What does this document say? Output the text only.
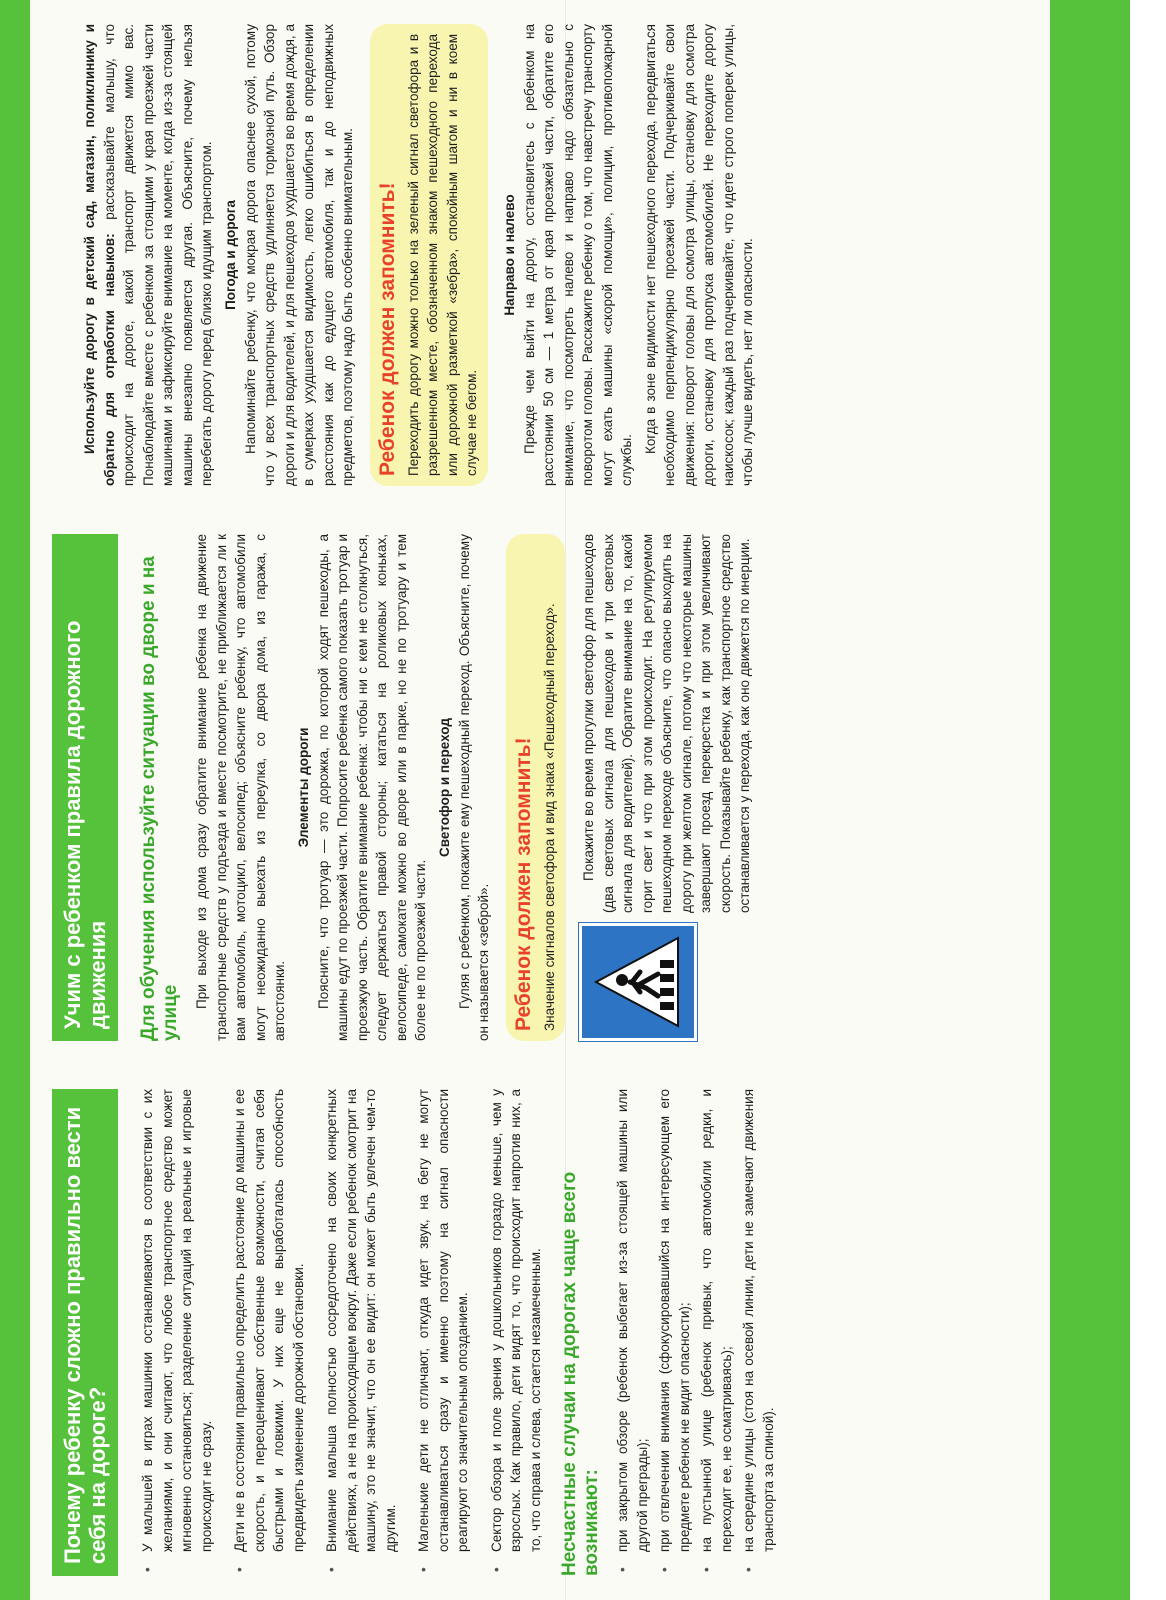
Почему ребенку сложно правильно вести себя на дороге?	• У малышей в играх машинки останавливаются в соответствии с их желаниями, и они считают, что любое транспортное средство может мгновенно остановиться; разделение ситуаций на реальные и игровые происходит не сразу. • Дети не в состоянии правильно определить расстояние до машины и ее скорость, и переоценивают собственные возможности, считая себя быстрыми и ловкими. У них еще не выработалась способность предвидеть изменение дорожной обстановки. • Внимание малыша полностью сосредоточено на своих конкретных действиях, а не на происходящем вокруг. Даже если ребенок смотрит на машину, это не значит, что он ее видит: он может быть увлечен чем-то другим. • Маленькие дети не отличают, откуда идет звук, на бегу не могут останавливаться сразу и именно поэтому на сигнал опасности реагируют со значительным опозданием. • Сектор обзора и поле зрения у дошкольников гораздо меньше, чем у взрослых. Как правило, дети видят то, что происходит напротив них, а то, что справа и слева, остается незамеченным. Несчастные случаи на дорогах чаще всего возникают: • при закрытом обзоре (ребенок выбегает из-за стоящей машины или другой преграды); • при отвлечении внимания (сфокусировавшийся на интересующем его предмете ребенок не видит опасности); • на пустынной улице (ребенок привык, что автомобили редки, и переходит ее, не осматриваясь); • на середине улицы (стоя на осевой линии, дети не замечают движения транспорта за спиной).
Учим с ребенком правила дорожного движения	Для обучения используйте ситуации во дворе и на улице

При выходе из дома сразу обратите внимание ребенка на движение транспортные средств у подъезда и вместе посмотрите, не приближается ли к вам автомобиль, мотоцикл, велосипед; объясните ребенку, что автомобили могут неожиданно выехать из переулка, со двора дома, из гаража, с автостоянки.

Элементы дороги Поясните, что тротуар — это дорожка, по которой ходят пешеходы, а машины едут по проезжей части. Попросите ребенка самого показать тротуар и проезжую часть. Обратите внимание ребенка: чтобы ни с кем не столкнуться, следует держаться правой стороны; кататься на роликовых коньках, велосипеде, самокате можно во дворе или в парке, но не по тротуару и тем более не по проезжей части.

Светофор и переход Гуляя с ребенком, покажите ему пешеходный переход. Объясните, почему он называется «зеброй». Ребенок должен запомнить! Значение сигналов светофора и вид знака «Пешеходный переход». Покажите во время прогулки светофор для пешеходов (два световых сигнала для пешеходов и три световых сигнала для водителей). Обратите внимание на то, какой горит свет и что при этом происходит. На регулируемом пешеходном переходе объясните, что опасно выходить на дорогу при желтом сигнале, потому что некоторые машины завершают проезд перекрестка и при этом увеличивают скорость. Показывайте ребенку, как транспортное средство останавливается у перехода, как оно движется по инерции.

Используйте дорогу в детский сад, магазин, поликлинику и обратно для отработки навыков: рассказывайте малышу, что происходит на дороге, какой транспорт движется мимо вас. Понаблюдайте вместе с ребенком за стоящими у края проезжей части машинами и зафиксируйте внимание на моменте, когда из-за стоящей машины внезапно появляется другая. Объясните, почему нельзя перебегать дорогу перед близко идущим транспортом. Погода и дорога Напоминайте ребенку, что мокрая дорога опаснее сухой, потому что у всех транспортных средств удлиняется тормозной путь. Обзор дороги и для водителей, и для пешеходов ухудшается во время дождя, а в сумерках ухудшается видимость, легко ошибиться в определении расстояния как до едущего автомобиля, так и до неподвижных предметов, поэтому надо быть особенно внимательным. Ребенок должен запомнить! Переходить дорогу можно только на зеленый сигнал светофора и в разрешенном месте, обозначенном знаком пешеходного перехода или дорожной разметкой «зебра», спокойным шагом и ни в коем случае не бегом.

Направо и налево Прежде чем выйти на дорогу, остановитесь с ребенком на расстоянии 50 см — 1 метра от края проезжей части, обратите его внимание, что посмотреть налево и направо надо обязательно с поворотом головы. Расскажите ребенку о том, что навстречу транспорту могут ехать машины «скорой помощи», полиции, противопожарной службы.

Когда в зоне видимости нет пешеходного перехода, передвигаться необходимо перпендикулярно проезжей части. Подчеркивайте свои движения: поворот головы для осмотра улицы, остановку для осмотра дороги, остановку для пропуска автомобилей. Не переходите дорогу наискосок; каждый раз подчеркивайте, что идете строго поперек улицы, чтобы лучше видеть, нет ли опасности.
